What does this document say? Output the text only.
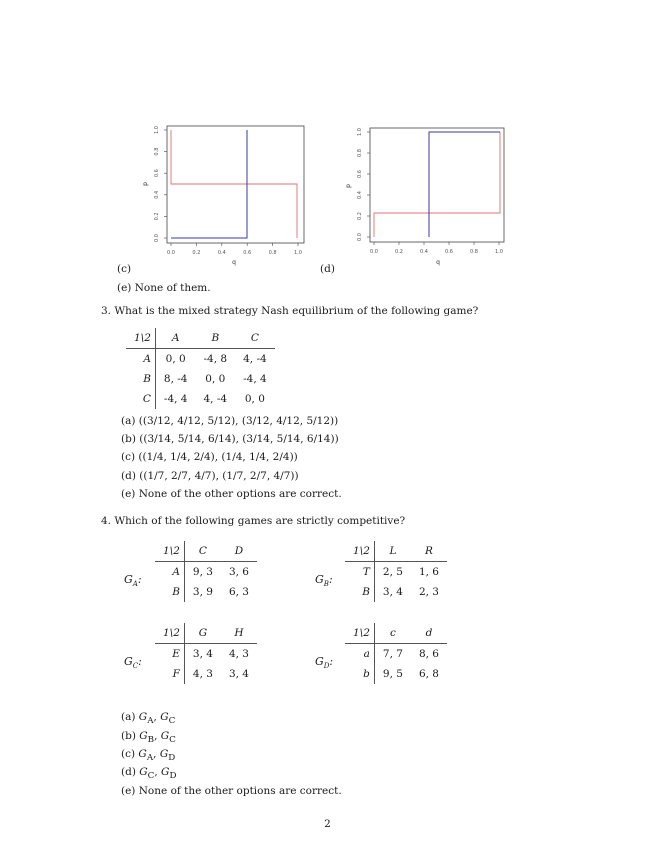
0.0	0.2	0.4	0.6	0.8	1.0
0.0
0.2
0.4
0.6
0.8
1.0
q
p
(c)
0.0	0.2	0.4	0.6	0.8	1.0
0.0
0.2
0.4
0.6
0.8
1.0
q
p
(d)
(e) None of them.
3. What is the mixed strategy Nash equilibrium of the following game?
1\2	A	B	C
A	0, 0	-4, 8	4, -4
B	8, -4	0, 0	-4, 4
C	-4, 4	4, -4	0, 0
(a) ((3/12, 4/12, 5/12), (3/12, 4/12, 5/12))
(b) ((3/14, 5/14, 6/14), (3/14, 5/14, 6/14))
(c) ((1/4, 1/4, 2/4), (1/4, 1/4, 2/4))
(d) ((1/7, 2/7, 4/7), (1/7, 2/7, 4/7))
(e) None of the other options are correct.
4. Which of the following games are strictly competitive?
$G_A$:
1\2	C	D
A	9, 3	3, 6
B	3, 9	6, 3
$G_B$:
1\2	L	R
T	2, 5	1, 6
B	3, 4	2, 3
$G_C$:
1\2	G	H
E	3, 4	4, 3
F	4, 3	3, 4
$G_D$:
1\2	c	d
a	7, 7	8, 6
b	9, 5	6, 8
(a) $G_A$, $G_C$
(b) $G_B$, $G_C$
(c) $G_A$, $G_D$
(d) $G_C$, $G_D$
(e) None of the other options are correct.
2
